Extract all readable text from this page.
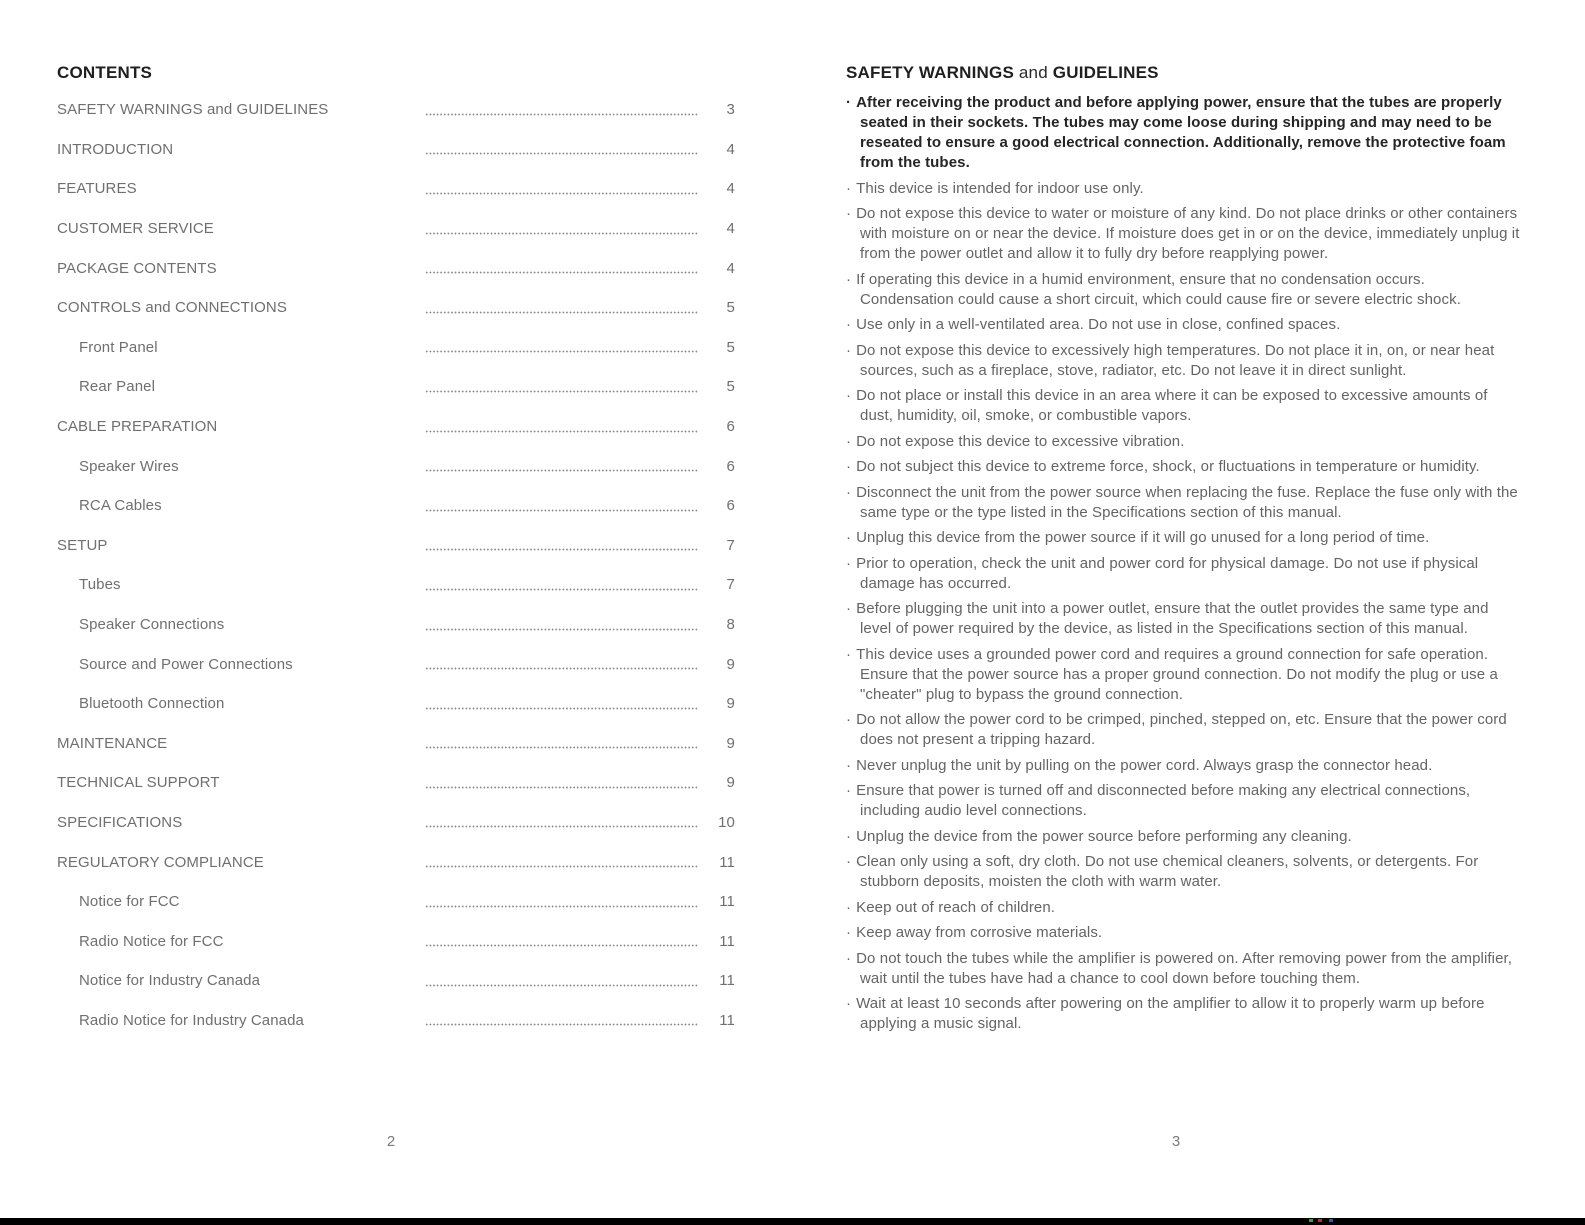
CONTENTS
SAFETY WARNINGS and GUIDELINES	3
INTRODUCTION	4
FEATURES	4
CUSTOMER SERVICE	4
PACKAGE CONTENTS	4
CONTROLS and CONNECTIONS	5
Front Panel	5
Rear Panel	5
CABLE PREPARATION	6
Speaker Wires	6
RCA Cables	6
SETUP	7
Tubes	7
Speaker Connections	8
Source and Power Connections	9
Bluetooth Connection	9
MAINTENANCE	9
TECHNICAL SUPPORT	9
SPECIFICATIONS	10
REGULATORY COMPLIANCE	11
Notice for FCC	11
Radio Notice for FCC	11
Notice for Industry Canada	11
Radio Notice for Industry Canada	11
SAFETY WARNINGS and GUIDELINES

· After receiving the product and before applying power, ensure that the tubes are properly seated in their sockets. The tubes may come loose during shipping and may need to be reseated to ensure a good electrical connection. Additionally, remove the protective foam from the tubes.

· This device is intended for indoor use only.

· Do not expose this device to water or moisture of any kind. Do not place drinks or other containers with moisture on or near the device. If moisture does get in or on the device, immediately unplug it from the power outlet and allow it to fully dry before reapplying power.

· If operating this device in a humid environment, ensure that no condensation occurs. Condensation could cause a short circuit, which could cause fire or severe electric shock.

· Use only in a well-ventilated area. Do not use in close, confined spaces.

· Do not expose this device to excessively high temperatures. Do not place it in, on, or near heat sources, such as a fireplace, stove, radiator, etc. Do not leave it in direct sunlight.

· Do not place or install this device in an area where it can be exposed to excessive amounts of dust, humidity, oil, smoke, or combustible vapors.

· Do not expose this device to excessive vibration.

· Do not subject this device to extreme force, shock, or fluctuations in temperature or humidity.

· Disconnect the unit from the power source when replacing the fuse. Replace the fuse only with the same type or the type listed in the Specifications section of this manual.

· Unplug this device from the power source if it will go unused for a long period of time.

· Prior to operation, check the unit and power cord for physical damage. Do not use if physical damage has occurred.

· Before plugging the unit into a power outlet, ensure that the outlet provides the same type and level of power required by the device, as listed in the Specifications section of this manual.

· This device uses a grounded power cord and requires a ground connection for safe operation. Ensure that the power source has a proper ground connection. Do not modify the plug or use a "cheater" plug to bypass the ground connection.

· Do not allow the power cord to be crimped, pinched, stepped on, etc. Ensure that the power cord does not present a tripping hazard.

· Never unplug the unit by pulling on the power cord. Always grasp the connector head.

· Ensure that power is turned off and disconnected before making any electrical connections, including audio level connections.

· Unplug the device from the power source before performing any cleaning.

· Clean only using a soft, dry cloth. Do not use chemical cleaners, solvents, or detergents. For stubborn deposits, moisten the cloth with warm water.

· Keep out of reach of children.

· Keep away from corrosive materials.

· Do not touch the tubes while the amplifier is powered on. After removing power from the amplifier, wait until the tubes have had a chance to cool down before touching them.

· Wait at least 10 seconds after powering on the amplifier to allow it to properly warm up before applying a music signal.

2	3
